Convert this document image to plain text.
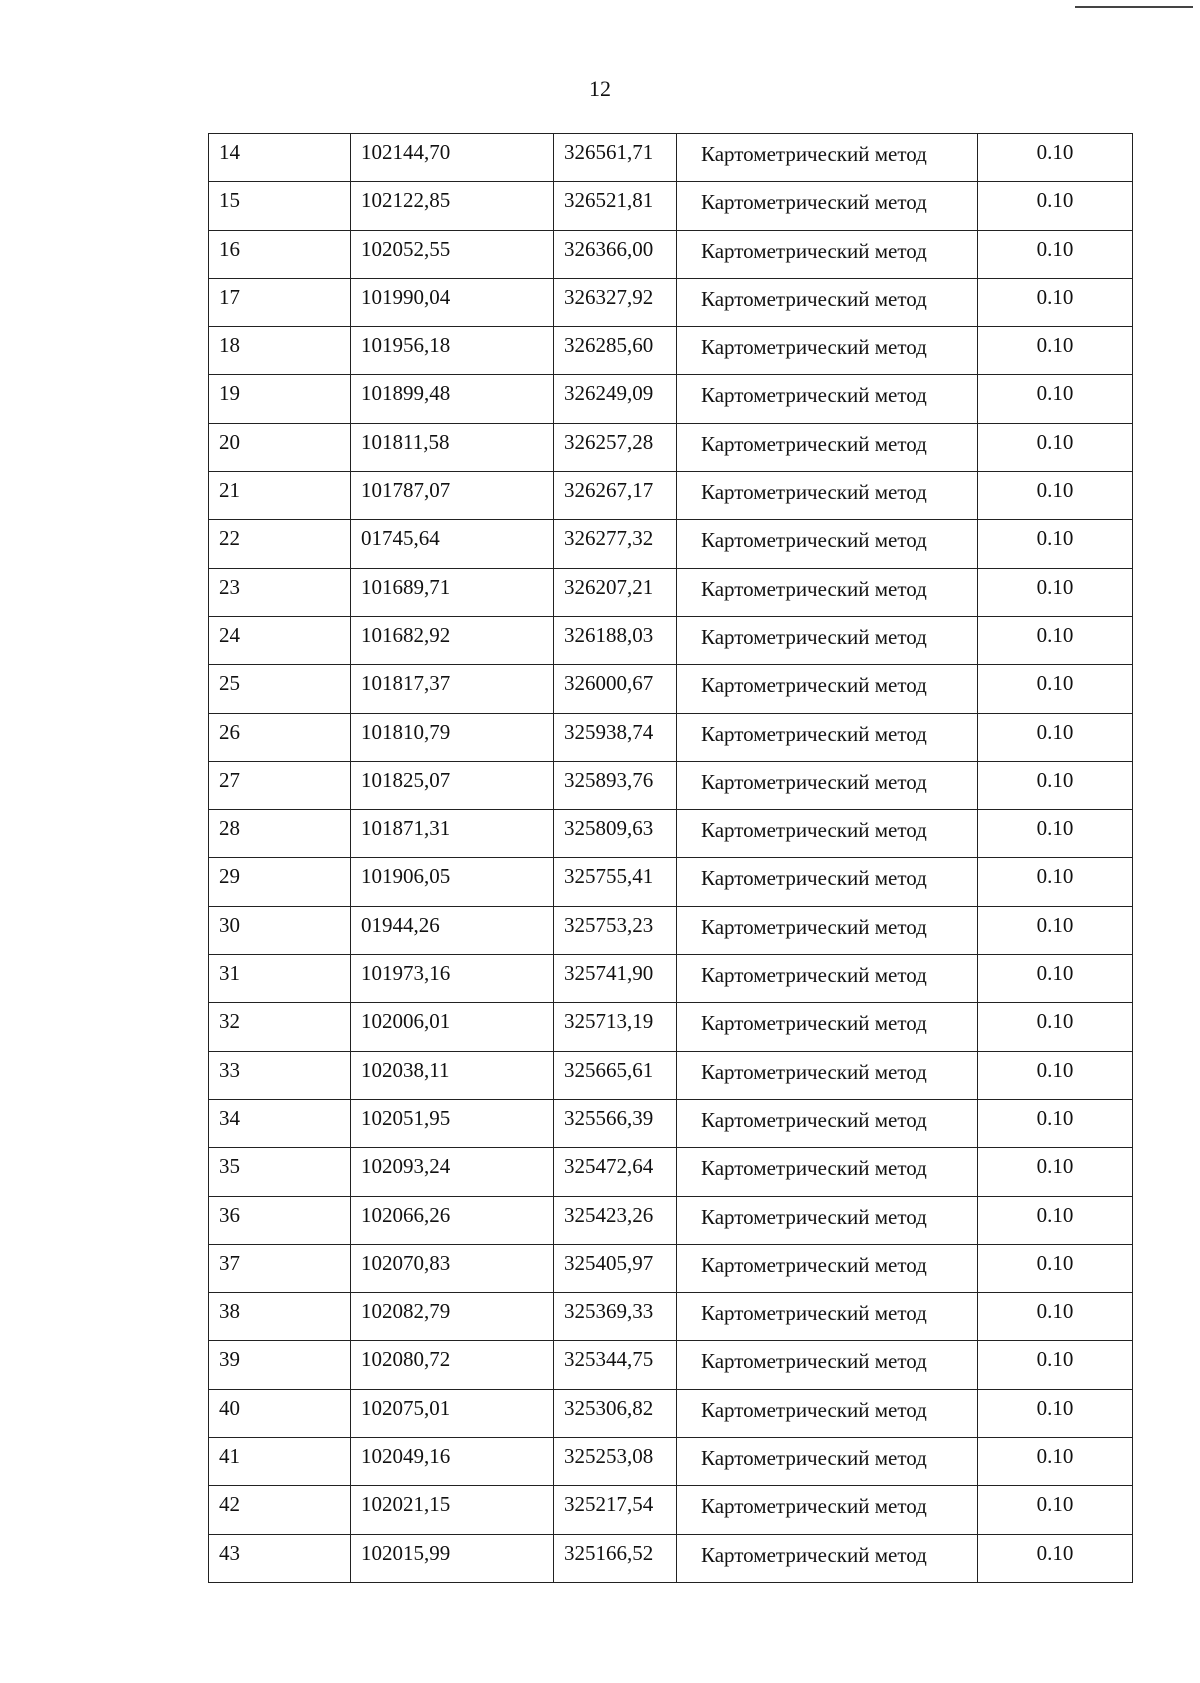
12
14	102144,70	326561,71	Картометрический метод	0.10
15	102122,85	326521,81	Картометрический метод	0.10
16	102052,55	326366,00	Картометрический метод	0.10
17	101990,04	326327,92	Картометрический метод	0.10
18	101956,18	326285,60	Картометрический метод	0.10
19	101899,48	326249,09	Картометрический метод	0.10
20	101811,58	326257,28	Картометрический метод	0.10
21	101787,07	326267,17	Картометрический метод	0.10
22	01745,64	326277,32	Картометрический метод	0.10
23	101689,71	326207,21	Картометрический метод	0.10
24	101682,92	326188,03	Картометрический метод	0.10
25	101817,37	326000,67	Картометрический метод	0.10
26	101810,79	325938,74	Картометрический метод	0.10
27	101825,07	325893,76	Картометрический метод	0.10
28	101871,31	325809,63	Картометрический метод	0.10
29	101906,05	325755,41	Картометрический метод	0.10
30	01944,26	325753,23	Картометрический метод	0.10
31	101973,16	325741,90	Картометрический метод	0.10
32	102006,01	325713,19	Картометрический метод	0.10
33	102038,11	325665,61	Картометрический метод	0.10
34	102051,95	325566,39	Картометрический метод	0.10
35	102093,24	325472,64	Картометрический метод	0.10
36	102066,26	325423,26	Картометрический метод	0.10
37	102070,83	325405,97	Картометрический метод	0.10
38	102082,79	325369,33	Картометрический метод	0.10
39	102080,72	325344,75	Картометрический метод	0.10
40	102075,01	325306,82	Картометрический метод	0.10
41	102049,16	325253,08	Картометрический метод	0.10
42	102021,15	325217,54	Картометрический метод	0.10
43	102015,99	325166,52	Картометрический метод	0.10
